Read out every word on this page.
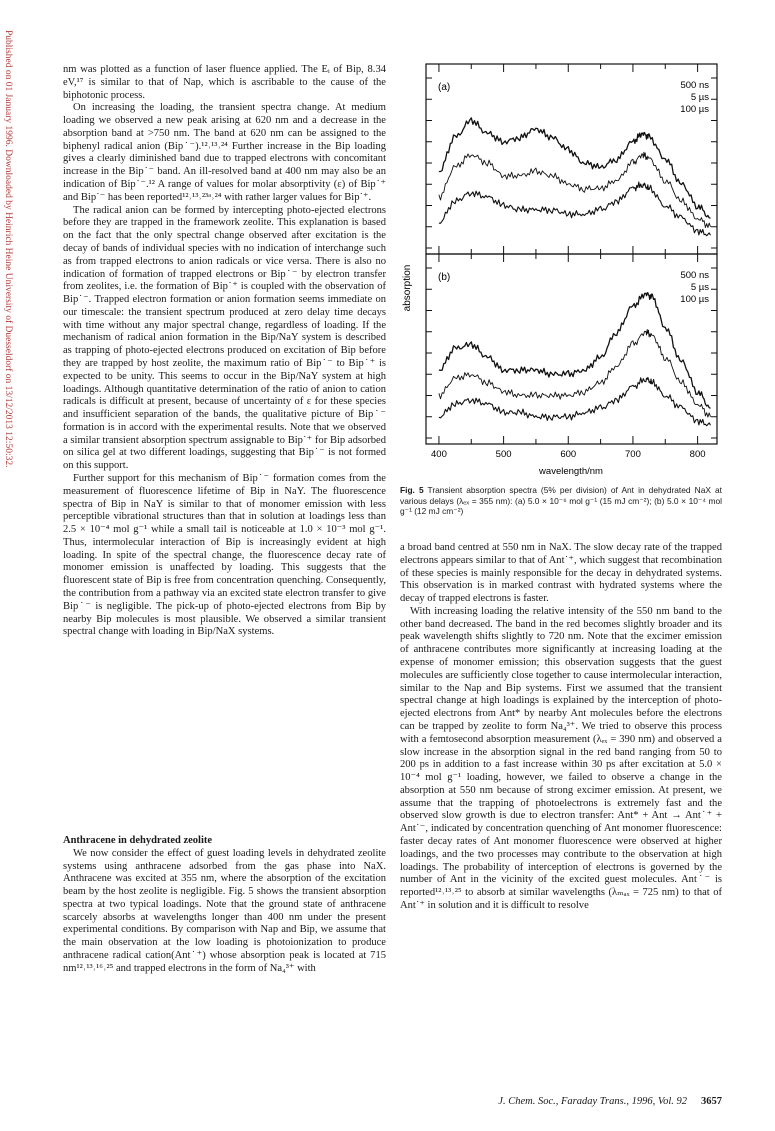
Published on 01 January 1996. Downloaded by Heinrich Heine University of Duesseldorf on 13/12/2013 12:50:32.	nm was plotted as a function of laser fluence applied. The Eᵢ of Bip, 8.34 eV,¹⁷ is similar to that of Nap, which is ascribable to the cause of the biphotonic process.

On increasing the loading, the transient spectra change. At medium loading we observed a new peak arising at 620 nm and a decrease in the absorption band at >750 nm. The band at 620 nm can be assigned to the biphenyl radical anion (Bip˙⁻).¹²˒¹³˒²⁴ Further increase in the Bip loading gives a clearly diminished band due to trapped electrons with concomitant increase in the Bip˙⁻ band. An ill-resolved band at 400 nm may also be an indication of Bip˙⁻.¹² A range of values for molar absorptivity (ε) of Bip˙⁺ and Bip˙⁻ has been reported¹²˒¹³˒²³ᵃ˒²⁴ with rather larger values for Bip˙⁺.

The radical anion can be formed by intercepting photo-ejected electrons before they are trapped in the framework zeolite. This explanation is based on the fact that the only spectral change observed after excitation is the decay of bands of individual species with no indication of interchange such as from trapped electrons to anion radicals or vice versa. There is also no indication of formation of trapped electrons or Bip˙⁻ by electron transfer from zeolites, i.e. the formation of Bip˙⁺ is coupled with the observation of Bip˙⁻. Trapped electron formation or anion formation seems immediate on our timescale: the transient spectrum produced at zero delay time decays with time without any major spectral change, regardless of loading. If the mechanism of radical anion formation in the Bip/NaY system is described as trapping of photo-ejected electrons produced on excitation of Bip before they are trapped by host zeolite, the maximum ratio of Bip˙⁻ to Bip˙⁺ is expected to be unity. This seems to occur in the Bip/NaY system at high loadings. Although quantitative determination of the ratio of anion to cation radicals is difficult at present, because of uncertainty of ε for these species and insufficient separation of the bands, the qualitative picture of Bip˙⁻ formation is in accord with the experimental results. Note that we observed a similar transient absorption spectrum assignable to Bip˙⁺ for Bip adsorbed on silica gel at two different loadings, suggesting that Bip˙⁻ is not formed on this support.

Further support for this mechanism of Bip˙⁻ formation comes from the measurement of fluorescence lifetime of Bip in NaY. The fluorescence spectra of Bip in NaY is similar to that of monomer emission with less perceptible vibrational structures than that in solution at loadings less than 2.5 × 10⁻⁴ mol g⁻¹ while a small tail is noticeable at 1.0 × 10⁻³ mol g⁻¹. Thus, intermolecular interaction of Bip is increasingly evident at high loading. In spite of the spectral change, the fluorescence decay rate of monomer emission is unaffected by loading. This suggests that the fluorescent state of Bip is free from concentration quenching. Consequently, the contribution from a pathway via an excited state electron transfer to give Bip˙⁻ is negligible. The pick-up of photo-ejected electrons from Bip by nearby Bip molecules is most plausible. We observed a similar transient spectral change with loading in Bip/NaX systems.

Anthracene in dehydrated zeolite

We now consider the effect of guest loading levels in dehydrated zeolite systems using anthracene adsorbed from the gas phase into NaX. Anthracene was excited at 355 nm, where the absorption of the excitation beam by the host zeolite is negligible. Fig. 5 shows the transient absorption spectra at two typical loadings. Note that the ground state of anthracene scarcely absorbs at wavelengths longer than 400 nm under the present experimental conditions. By comparison with Nap and Bip, we assume that the main observation at the low loading is photoionization to produce anthracene radical cation(Ant˙⁺) whose absorption peak is located at 715 nm¹²˒¹³˒¹⁶˒²⁵ and trapped electrons in the form of Na₄³⁺ with

absorption
wavelength/nm
(a)	500 ns
5 µs
100 µs
(b)	500 ns
5 µs
100 µs
400	500	600	700	800
Fig. 5 Transient absorption spectra (5% per division) of Ant in dehydrated NaX at various delays (λₑₓ = 355 nm): (a) 5.0 × 10⁻⁶ mol g⁻¹ (15 mJ cm⁻²); (b) 5.0 × 10⁻⁴ mol g⁻¹ (12 mJ cm⁻²)

a broad band centred at 550 nm in NaX. The slow decay rate of the trapped electrons appears similar to that of Ant˙⁺, which suggest that recombination of these species is mainly responsible for the decay in dehydrated systems. This observation is in marked contrast with hydrated systems where the decay of trapped electrons is faster.

With increasing loading the relative intensity of the 550 nm band to the other band decreased. The band in the red becomes slightly broader and its peak wavelength shifts slightly to 720 nm. Note that the excimer emission of anthracene contributes more significantly at increasing loading at the expense of monomer emission; this observation suggests that the guest molecules are sufficiently close together to cause intermolecular interaction, similar to the Nap and Bip systems. First we assumed that the transient spectral change at high loadings is explained by the interception of photo-ejected electrons from Ant* by nearby Ant molecules before the electrons can be trapped by zeolite to form Na₄³⁺. We tried to observe this process with a femtosecond absorption measurement (λₑₓ = 390 nm) and observed a slow increase in the absorption signal in the red band ranging from 50 to 200 ps in addition to a fast increase within 30 ps after excitation at 5.0 × 10⁻⁴ mol g⁻¹ loading, however, we failed to observe a change in the absorption at 550 nm because of strong excimer emission. At present, we assume that the trapping of photoelectrons is extremely fast and the observed slow growth is due to electron transfer: Ant* + Ant → Ant˙⁺ + Ant˙⁻, indicated by concentration quenching of Ant monomer fluorescence: faster decay rates of Ant monomer fluorescence were observed at higher loadings, and the two processes may contribute to the observation at high loadings. The probability of interception of electrons is governed by the number of Ant in the vicinity of the excited guest molecules. Ant˙⁻ is reported¹²˒¹³˒²⁵ to absorb at similar wavelengths (λₘₐₓ = 725 nm) to that of Ant˙⁺ in solution and it is difficult to resolve

J. Chem. Soc., Faraday Trans., 1996, Vol. 92 3657
